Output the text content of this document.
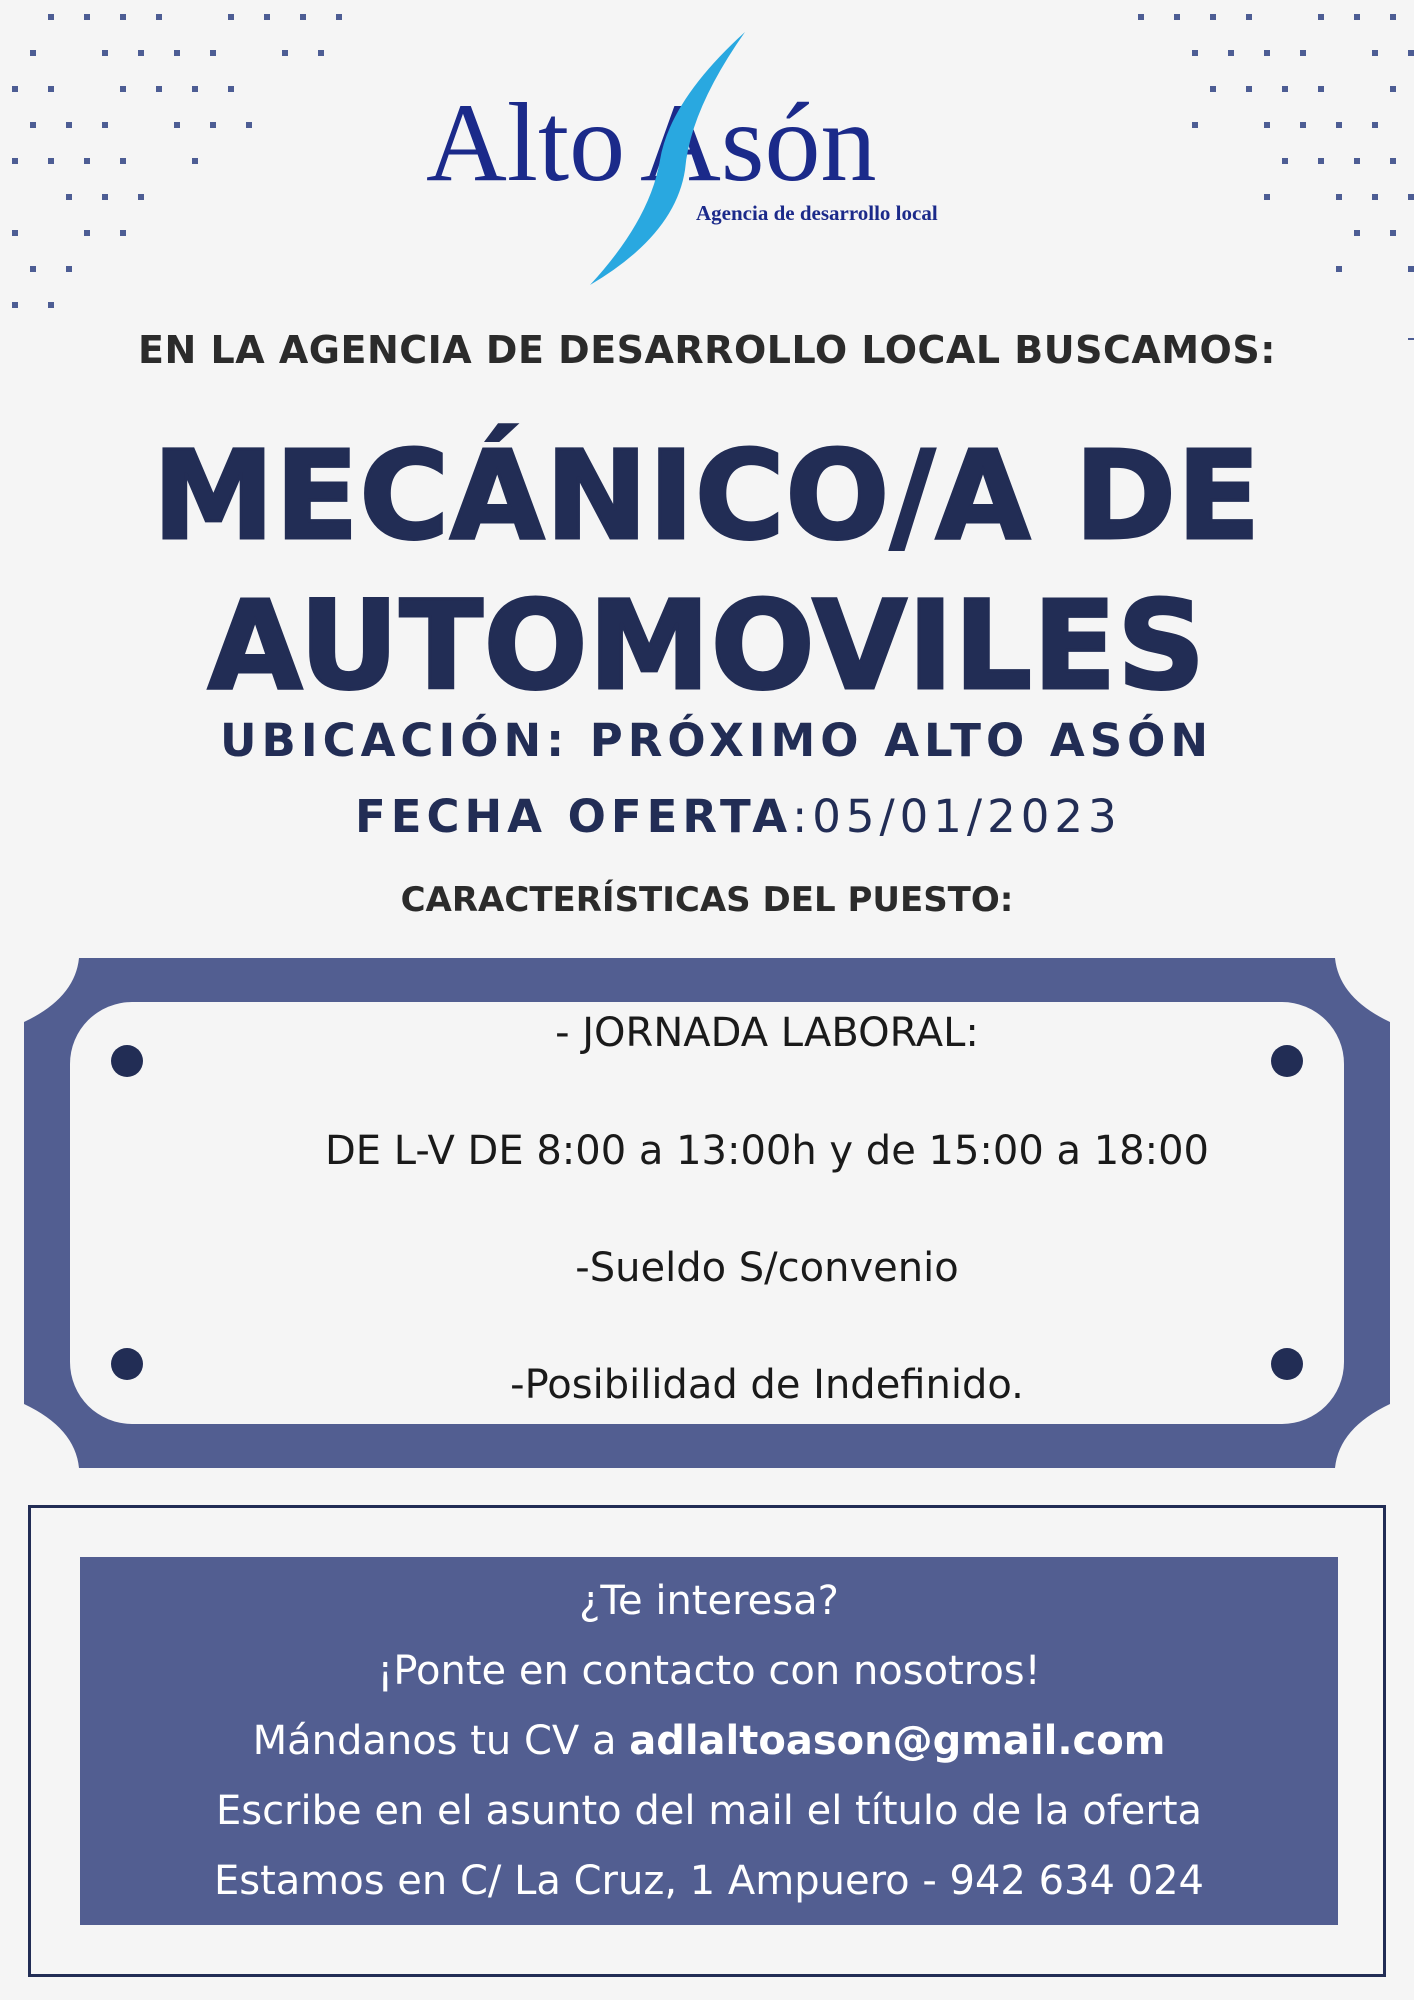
Alto Asón
Agencia de desarrollo local
EN LA AGENCIA DE DESARROLLO LOCAL BUSCAMOS:
MECÁNICO/A DE
AUTOMOVILES
UBICACIÓN: PRÓXIMO ALTO ASÓN
FECHA OFERTA:05/01/2023
CARACTERÍSTICAS DEL PUESTO:
- JORNADA LABORAL:
DE L-V DE 8:00 a 13:00h y de 15:00 a 18:00
-Sueldo S/convenio
-Posibilidad de Indefinido.
¿Te interesa?
¡Ponte en contacto con nosotros!
Mándanos tu CV a adlaltoason@gmail.com
Escribe en el asunto del mail el título de la oferta
Estamos en C/ La Cruz, 1 Ampuero - 942 634 024
